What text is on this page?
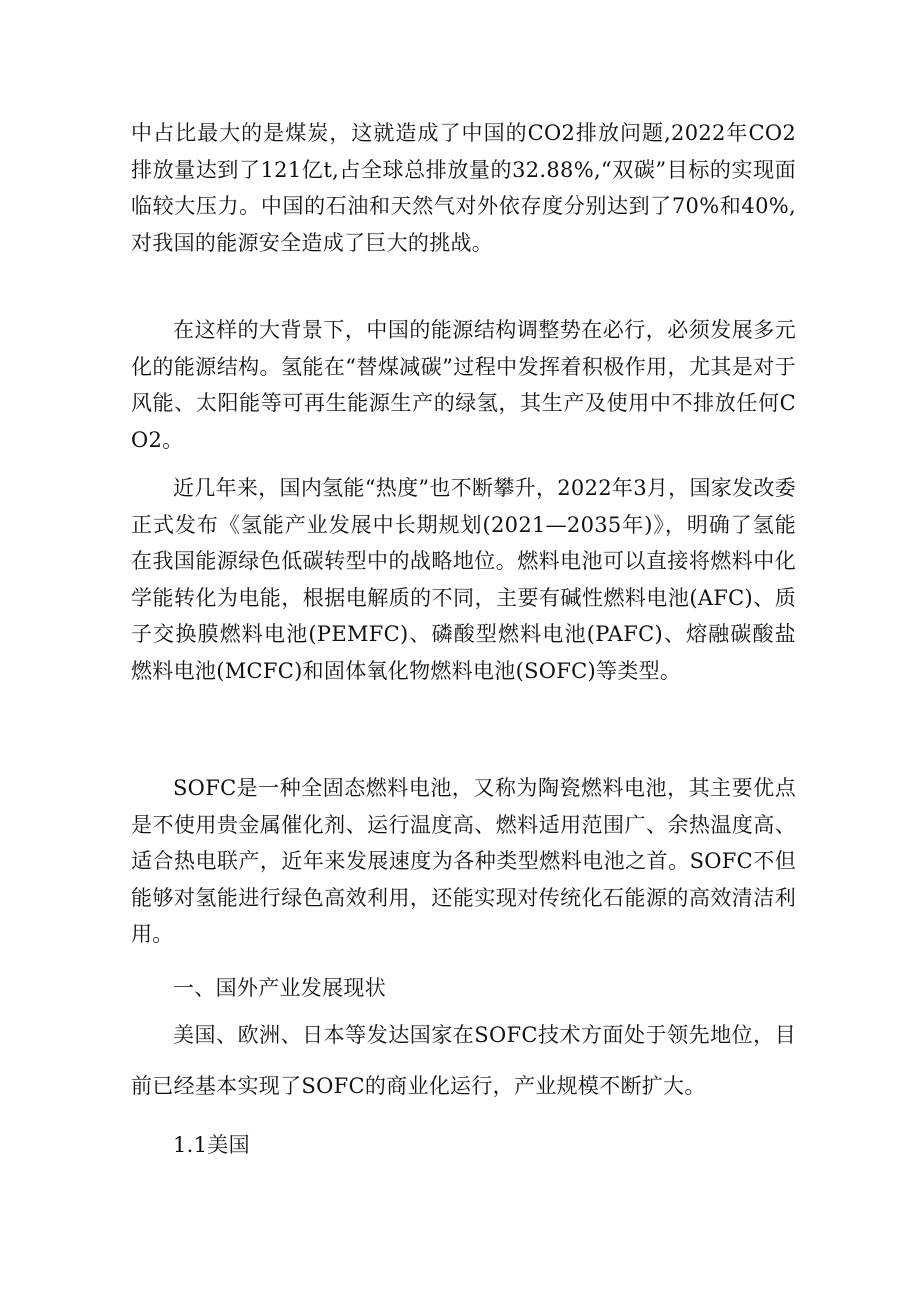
中占比最大的是煤炭，这就造成了中国的CO2排放问题,2022年CO2排放量达到了121亿t,占全球总排放量的32.88%,“双碳”目标的实现面临较大压力。中国的石油和天然气对外依存度分别达到了70%和40%,对我国的能源安全造成了巨大的挑战。

在这样的大背景下，中国的能源结构调整势在必行，必须发展多元化的能源结构。氢能在“替煤减碳”过程中发挥着积极作用，尤其是对于风能、太阳能等可再生能源生产的绿氢，其生产及使用中不排放任何CO2。

近几年来，国内氢能“热度”也不断攀升，2022年3月，国家发改委正式发布《氢能产业发展中长期规划(2021—2035年)》，明确了氢能在我国能源绿色低碳转型中的战略地位。燃料电池可以直接将燃料中化学能转化为电能，根据电解质的不同，主要有碱性燃料电池(AFC)、质子交换膜燃料电池(PEMFC)、磷酸型燃料电池(PAFC)、熔融碳酸盐燃料电池(MCFC)和固体氧化物燃料电池(SOFC)等类型。

SOFC是一种全固态燃料电池，又称为陶瓷燃料电池，其主要优点是不使用贵金属催化剂、运行温度高、燃料适用范围广、余热温度高、适合热电联产，近年来发展速度为各种类型燃料电池之首。SOFC不但能够对氢能进行绿色高效利用，还能实现对传统化石能源的高效清洁利用。

一、国外产业发展现状

美国、欧洲、日本等发达国家在SOFC技术方面处于领先地位，目前已经基本实现了SOFC的商业化运行，产业规模不断扩大。

1.1美国
